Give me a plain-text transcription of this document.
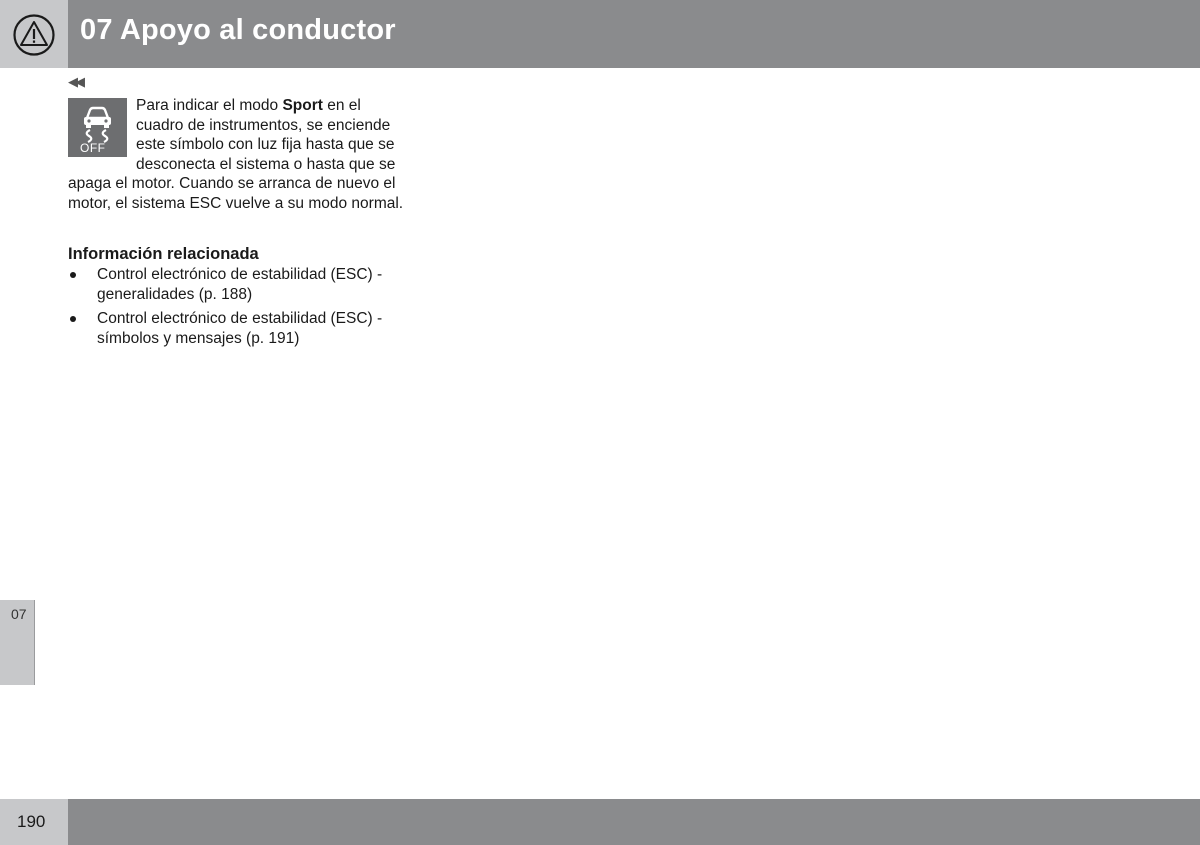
07 Apoyo al conductor
◀◀
OFF
Para indicar el modo Sport en el cuadro de instrumentos, se enciende este símbolo con luz fija hasta que se desconecta el sistema o hasta que se apaga el motor. Cuando se arranca de nuevo el motor, el sistema ESC vuelve a su modo normal.
Información relacionada
Control electrónico de estabilidad (ESC) - generalidades (p. 188)
Control electrónico de estabilidad (ESC) - símbolos y mensajes (p. 191)
07
190
